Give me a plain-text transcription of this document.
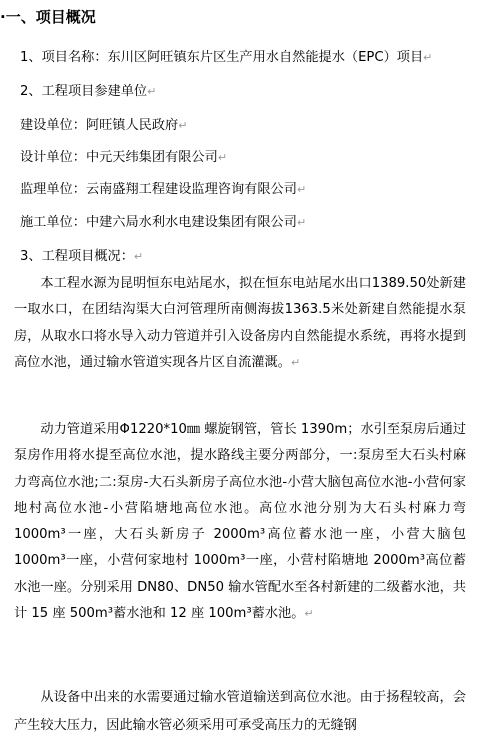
·一、项目概况
1、项目名称：东川区阿旺镇东片区生产用水自然能提水（EPC）项目↵
2、工程项目参建单位↵
建设单位：阿旺镇人民政府↵
设计单位：中元天纬集团有限公司↵
监理单位：云南盛翔工程建设监理咨询有限公司↵
施工单位：中建六局水利水电建设集团有限公司↵
3、工程项目概况：↵
本工程水源为昆明恒东电站尾水，拟在恒东电站尾水出口1389.50处新建一取水口，在团结沟渠大白河管理所南侧海拔1363.5米处新建自然能提水泵房，从取水口将水导入动力管道并引入设备房内自然能提水系统，再将水提到高位水池，通过输水管道实现各片区自流灌溉。↵
动力管道采用Φ1220*10㎜ 螺旋钢管，管长 1390m；水引至泵房后通过泵房作用将水提至高位水池，提水路线主要分两部分，一:泵房至大石头村麻力弯高位水池;二:泵房-大石头新房子高位水池-小营大脑包高位水池-小营何家地村高位水池-小营陷塘地高位水池。高位水池分别为大石头村麻力弯 1000m³一座，大石头新房子 2000m³高位蓄水池一座，小营大脑包 1000m³一座，小营何家地村 1000m³一座，小营村陷塘地 2000m³高位蓄水池一座。分别采用 DN80、DN50 输水管配水至各村新建的二级蓄水池，共计 15 座 500m³蓄水池和 12 座 100m³蓄水池。↵
从设备中出来的水需要通过输水管道输送到高位水池。由于扬程较高，会产生较大压力，因此输水管必须采用可承受高压力的无缝钢
